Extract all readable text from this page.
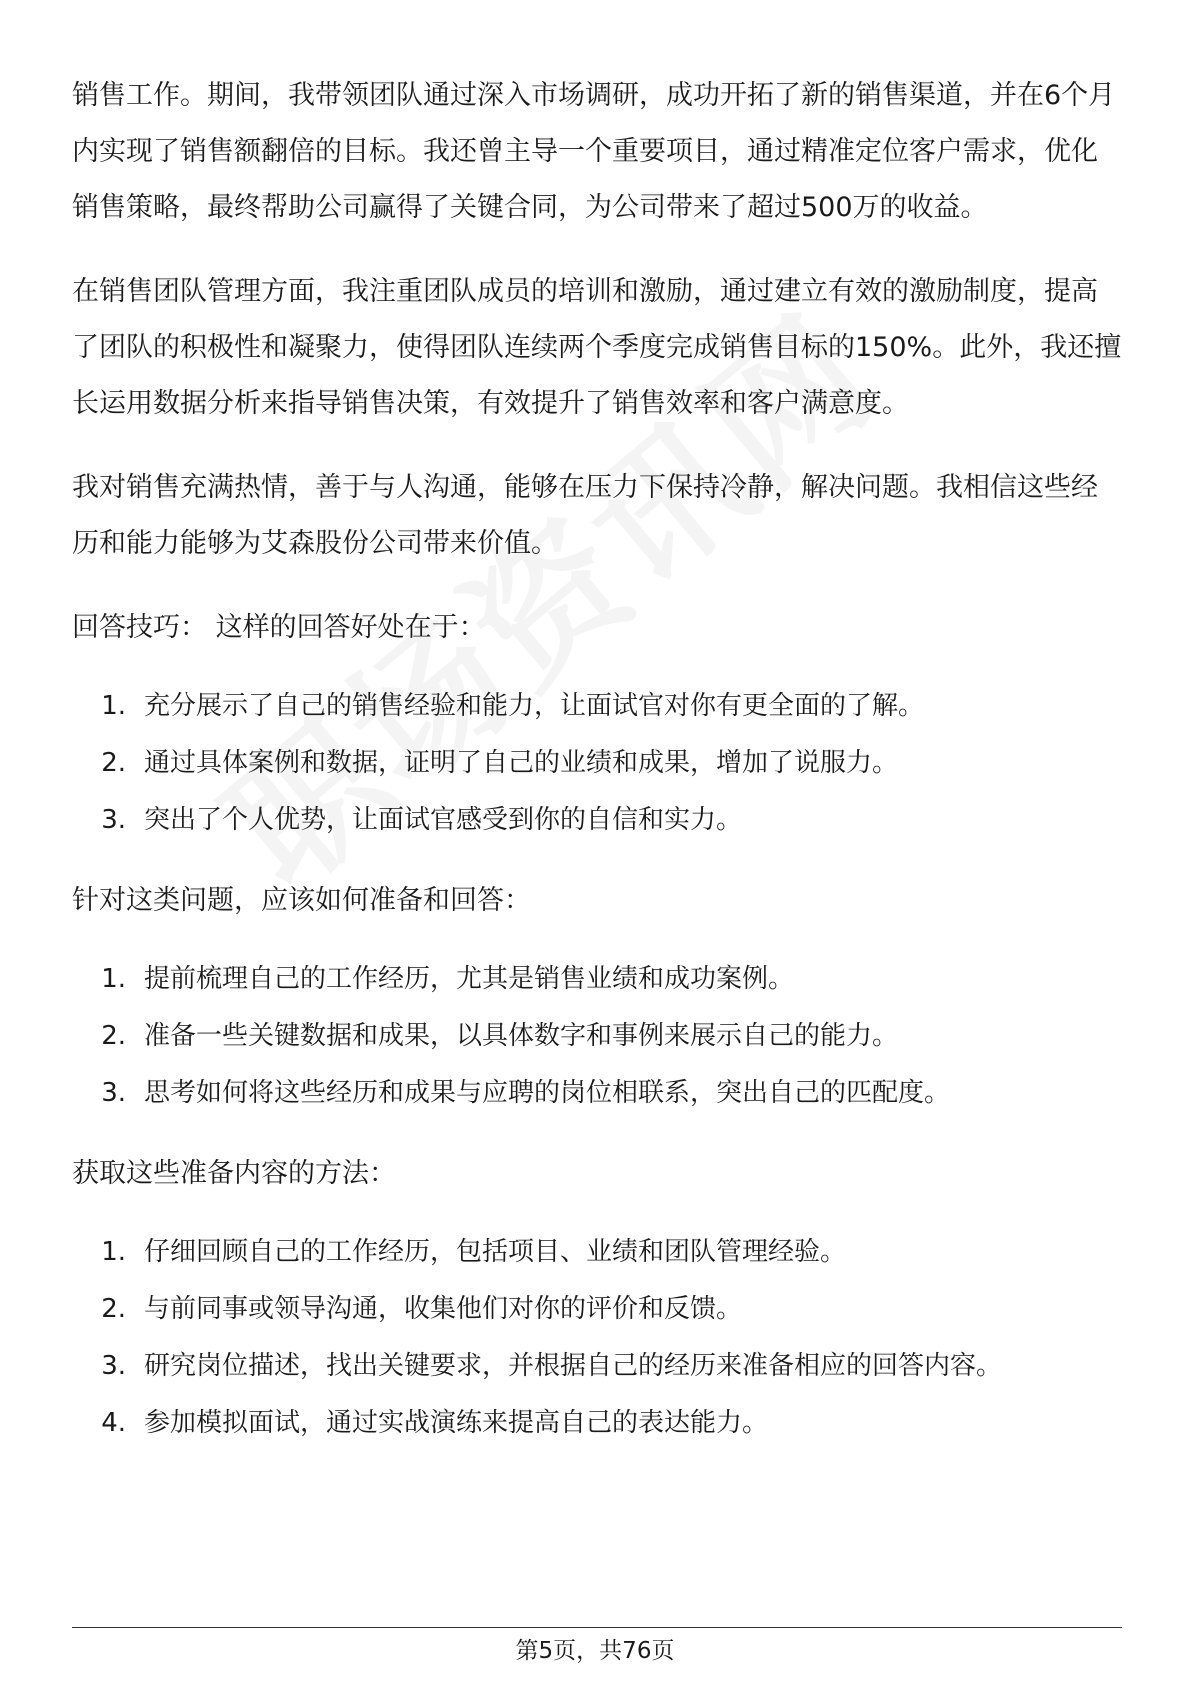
销售工作。期间，我带领团队通过深入市场调研，成功开拓了新的销售渠道，并在6个月内实现了销售额翻倍的目标。我还曾主导一个重要项目，通过精准定位客户需求，优化销售策略，最终帮助公司赢得了关键合同，为公司带来了超过500万的收益。

在销售团队管理方面，我注重团队成员的培训和激励，通过建立有效的激励制度，提高了团队的积极性和凝聚力，使得团队连续两个季度完成销售目标的150%。此外，我还擅长运用数据分析来指导销售决策，有效提升了销售效率和客户满意度。

我对销售充满热情，善于与人沟通，能够在压力下保持冷静，解决问题。我相信这些经历和能力能够为艾森股份公司带来价值。

回答技巧： 这样的回答好处在于：
1. 充分展示了自己的销售经验和能力，让面试官对你有更全面的了解。
2. 通过具体案例和数据，证明了自己的业绩和成果，增加了说服力。
3. 突出了个人优势，让面试官感受到你的自信和实力。
针对这类问题，应该如何准备和回答：
1. 提前梳理自己的工作经历，尤其是销售业绩和成功案例。
2. 准备一些关键数据和成果，以具体数字和事例来展示自己的能力。
3. 思考如何将这些经历和成果与应聘的岗位相联系，突出自己的匹配度。
获取这些准备内容的方法：
1. 仔细回顾自己的工作经历，包括项目、业绩和团队管理经验。
2. 与前同事或领导沟通，收集他们对你的评价和反馈。
3. 研究岗位描述，找出关键要求，并根据自己的经历来准备相应的回答内容。
4. 参加模拟面试，通过实战演练来提高自己的表达能力。
第5页，共76页
